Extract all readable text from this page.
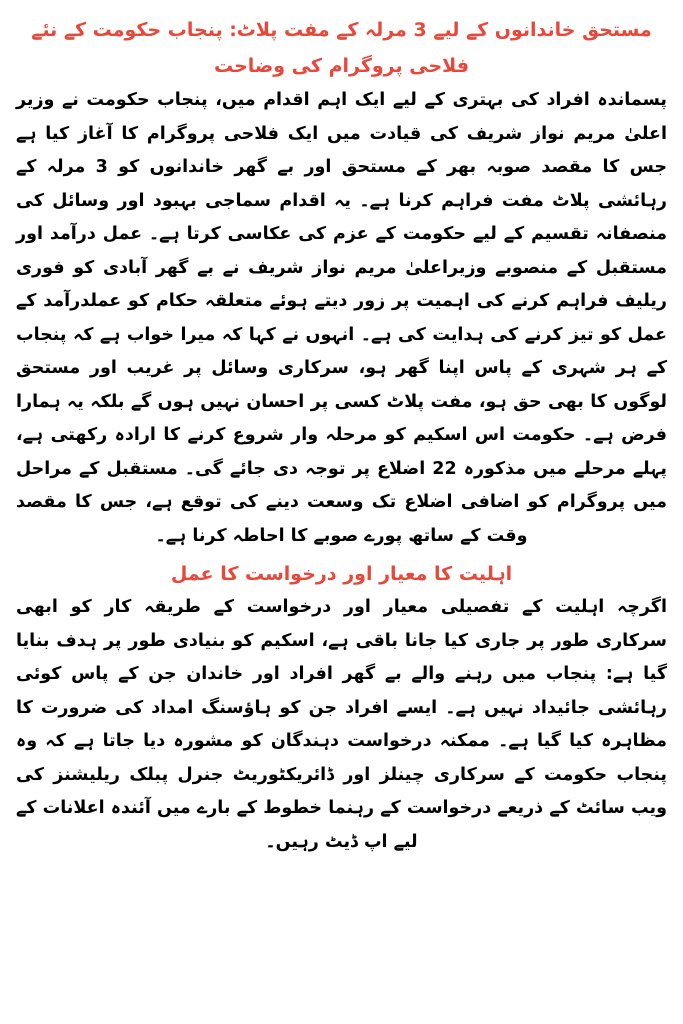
مستحق خاندانوں کے لیے 3 مرلہ کے مفت پلاٹ: پنجاب حکومت کے نئے فلاحی پروگرام کی وضاحت

پسماندہ افراد کی بہتری کے لیے ایک اہم اقدام میں، پنجاب حکومت نے وزیر اعلیٰ مریم نواز شریف کی قیادت میں ایک فلاحی پروگرام کا آغاز کیا ہے جس کا مقصد صوبہ بھر کے مستحق اور بے گھر خاندانوں کو 3 مرلہ کے رہائشی پلاٹ مفت فراہم کرنا ہے۔ یہ اقدام سماجی بہبود اور وسائل کی منصفانہ تقسیم کے لیے حکومت کے عزم کی عکاسی کرتا ہے۔ عمل درآمد اور مستقبل کے منصوبے وزیراعلیٰ مریم نواز شریف نے بے گھر آبادی کو فوری ریلیف فراہم کرنے کی اہمیت پر زور دیتے ہوئے متعلقہ حکام کو عملدرآمد کے عمل کو تیز کرنے کی ہدایت کی ہے۔ انہوں نے کہا کہ میرا خواب ہے کہ پنجاب کے ہر شہری کے پاس اپنا گھر ہو، سرکاری وسائل پر غریب اور مستحق لوگوں کا بھی حق ہو، مفت پلاٹ کسی پر احسان نہیں ہوں گے بلکہ یہ ہمارا فرض ہے۔ حکومت اس اسکیم کو مرحلہ وار شروع کرنے کا ارادہ رکھتی ہے، پہلے مرحلے میں مذکورہ 22 اضلاع پر توجہ دی جائے گی۔ مستقبل کے مراحل میں پروگرام کو اضافی اضلاع تک وسعت دینے کی توقع ہے، جس کا مقصد وقت کے ساتھ پورے صوبے کا احاطہ کرنا ہے۔

اہلیت کا معیار اور درخواست کا عمل

اگرچہ اہلیت کے تفصیلی معیار اور درخواست کے طریقہ کار کو ابھی سرکاری طور پر جاری کیا جانا باقی ہے، اسکیم کو بنیادی طور پر ہدف بنایا گیا ہے: پنجاب میں رہنے والے بے گھر افراد اور خاندان جن کے پاس کوئی رہائشی جائیداد نہیں ہے۔ ایسے افراد جن کو ہاؤسنگ امداد کی ضرورت کا مظاہرہ کیا گیا ہے۔ ممکنہ درخواست دہندگان کو مشورہ دیا جاتا ہے کہ وہ پنجاب حکومت کے سرکاری چینلز اور ڈائریکٹوریٹ جنرل پبلک ریلیشنز کی ویب سائٹ کے ذریعے درخواست کے رہنما خطوط کے بارے میں آئندہ اعلانات کے لیے اپ ڈیٹ رہیں۔
